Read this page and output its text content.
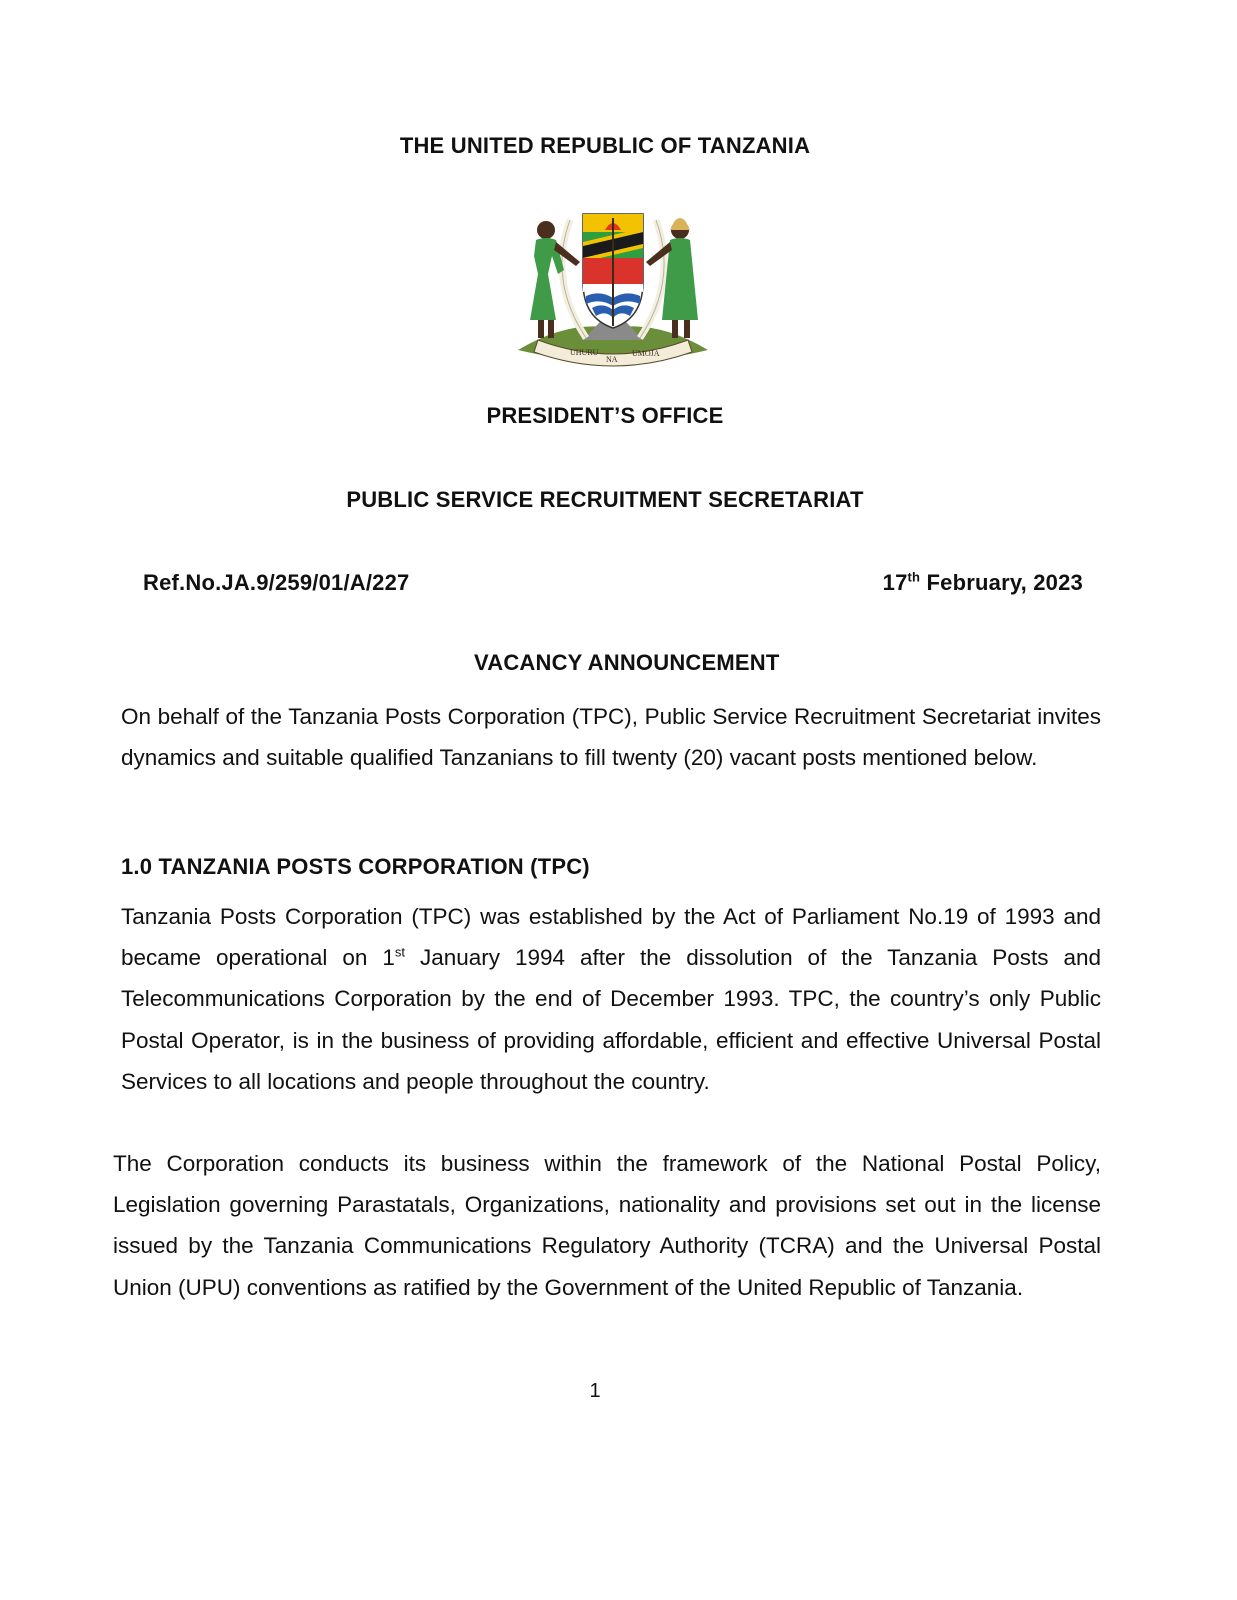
THE UNITED REPUBLIC OF TANZANIA
UHURU
NA
UMOJA
PRESIDENT’S OFFICE
PUBLIC SERVICE RECRUITMENT SECRETARIAT
Ref.No.JA.9/259/01/A/227	17th February, 2023
VACANCY ANNOUNCEMENT

On behalf of the Tanzania Posts Corporation (TPC), Public Service Recruitment Secretariat invites dynamics and suitable qualified Tanzanians to fill twenty (20) vacant posts mentioned below.

1.0 TANZANIA POSTS CORPORATION (TPC)

Tanzania Posts Corporation (TPC) was established by the Act of Parliament No.19 of 1993 and became operational on 1st January 1994 after the dissolution of the Tanzania Posts and Telecommunications Corporation by the end of December 1993. TPC, the country’s only Public Postal Operator, is in the business of providing affordable, efficient and effective Universal Postal Services to all locations and people throughout the country.

The Corporation conducts its business within the framework of the National Postal Policy, Legislation governing Parastatals, Organizations, nationality and provisions set out in the license issued by the Tanzania Communications Regulatory Authority (TCRA) and the Universal Postal Union (UPU) conventions as ratified by the Government of the United Republic of Tanzania.

1
